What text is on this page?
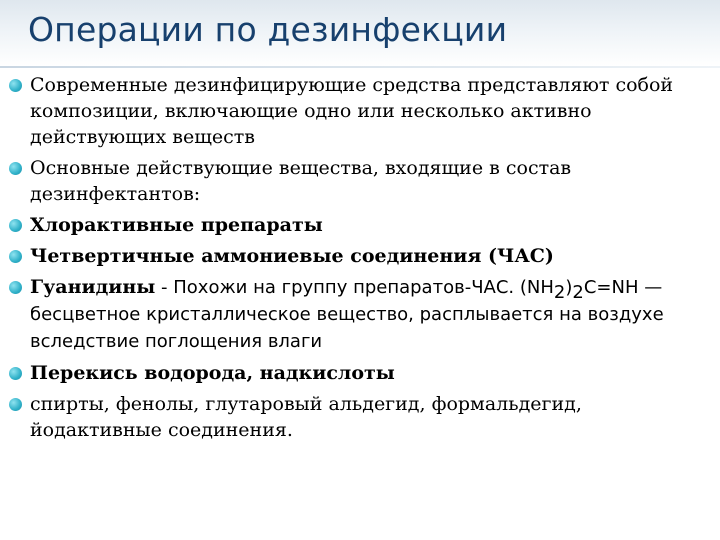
Операции по дезинфекции
Современные дезинфицирующие средства представляют собой композиции, включающие одно или несколько активно действующих веществ
Основные действующие вещества, входящие в состав дезинфектантов:
Хлорактивные препараты
Четвертичные аммониевые соединения (ЧАС)
Гуанидины - Похожи на группу препаратов-ЧАС. $(NH_2)_2С=NH$ — бесцветное кристаллическое вещество, расплывается на воздухе вследствие поглощения влаги
Перекись водорода, надкислоты
спирты, фенолы, глутаровый альдегид, формальдегид, йодактивные соединения.
